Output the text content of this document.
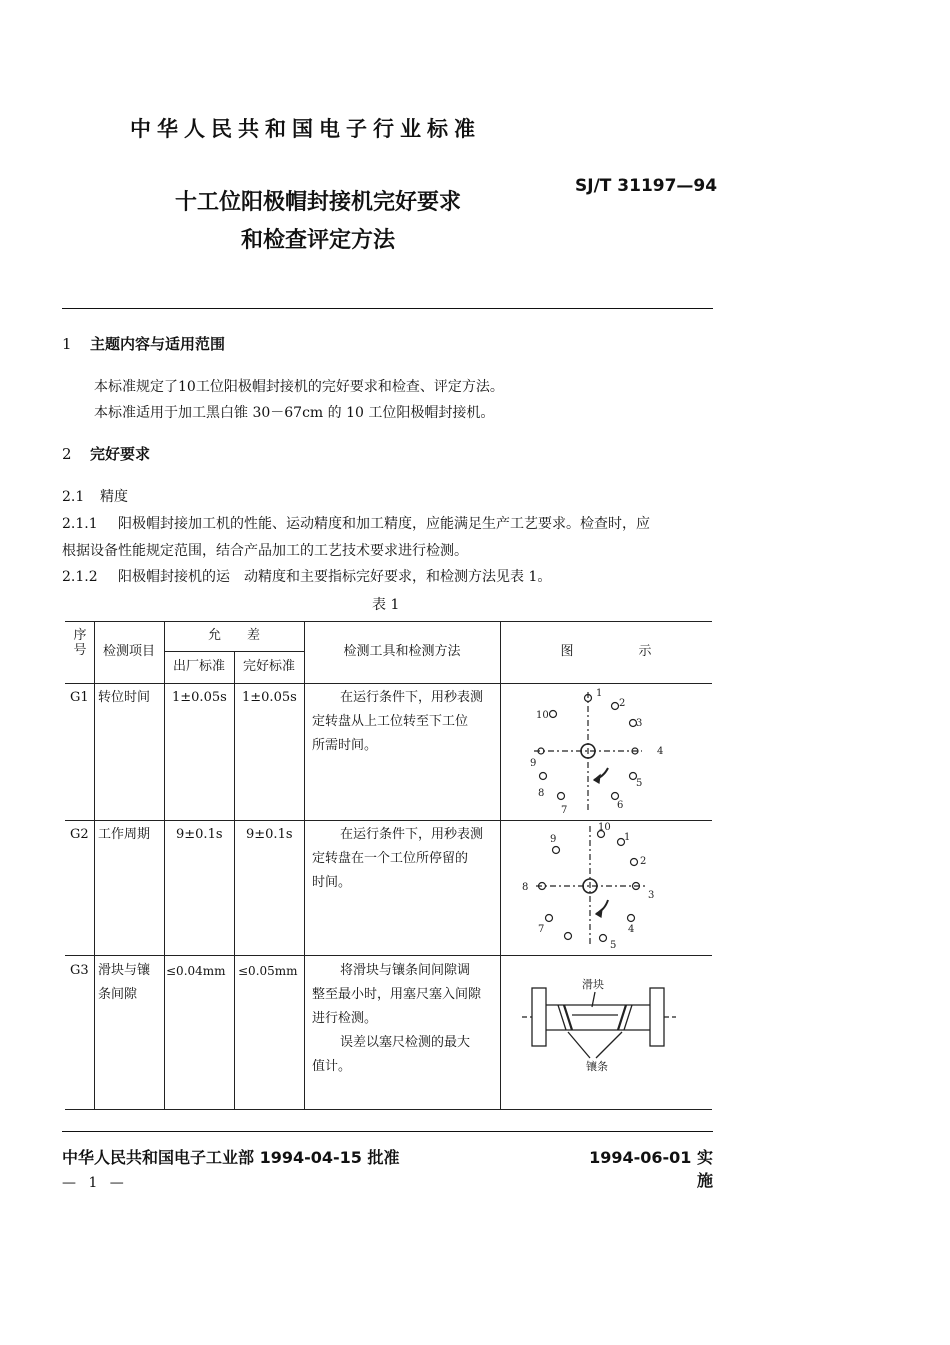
中华人民共和国电子行业标准
SJ/T 31197—94
十工位阳极帽封接机完好要求
和检查评定方法
1 主题内容与适用范围
本标准规定了10工位阳极帽封接机的完好要求和检查、评定方法。
本标准适用于加工黑白锥 30－67cm 的 10 工位阳极帽封接机。
2 完好要求
2.1 精度
2.1.1 阳极帽封接加工机的性能、运动精度和加工精度，应能满足生产工艺要求。检查时，应
根据设备性能规定范围，结合产品加工的工艺技术要求进行检测。
2.1.2 阳极帽封接机的运　动精度和主要指标完好要求，和检测方法见表 1。
表 1
序号	检测项目
允　　差
出厂标准	完好标准
检测工具和检测方法	图　　　　　示
G1 转位时间 1±0.05s 1±0.05s	在运行条件下，用秒表测
定转盘从上工位转至下工位
所需时间。
1
2
3
4
5
6
7
8
9
10
G2 工作周期 9±0.1s 9±0.1s	在运行条件下，用秒表测
定转盘在一个工位所停留的
时间。
10
1
2
3
4
5
7
8
9
G3 滑块与镶
条间隙
≤0.04mm ≤0.05mm	将滑块与镶条间间隙调
整至最小时，用塞尺塞入间隙
进行检测。
误差以塞尺检测的最大
值计。
滑块
镶条
中华人民共和国电子工业部 1994-04-15 批准	1994-06-01 实施
— 1 —
